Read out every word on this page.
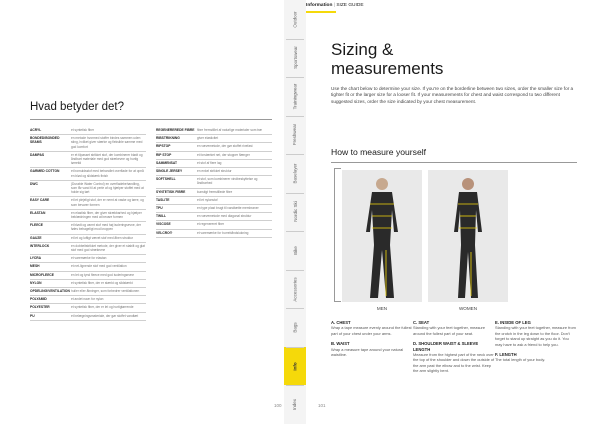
Hvad betyder det?
ACRYL	et syntetisk fiber
BONDED/BONDED SEAMS
en metode hvormed stoffer bindes sammen uden sting, hvilket giver stærke og fleksible sømme med god komfort
DAMPAS	er et tilpasset strikket stof, der kombinerer blødt og åndbart materiale med god strækevne og hurtig tørretid
GARMED COTTON	et bomuldsstof med behandlet overflade for at opnå en blød og slidstærk finish
DWC	(Durable Water Control) en overfladebehandling, som får vand til at perle af og hjælper stoffet med at holde sig tørt
EASY CARE	et let plejeligt stof, der er nemt at vaske og tørre, og som bevarer formen
ELASTAN	en elastisk fiber, der giver strækbarhed og hjælper beklædningen med at bevare formen
FLEECE	et blødt og varmt stof med høj isoleringsevne, der føles behageligt mod kroppen
GAUZE	et let og luftigt vævet stof med åben struktur
INTERLOCK	en dobbeltstrikket metode, der giver et stabilt og glat stof med god strækevne
LYCRA	et varemærke for elastan
MESH	et net-lignende stof med god ventilation
MICROFLEECE	en let og tynd fleece med god isoleringsevne
NYLON	et syntetisk fiber, der er stærkt og slidstærkt
OPDELING/VENTILATION huller eller åbninger, som forbedrer ventilationen
POLYAMID	et andet navn for nylon
POLYESTER	et syntetisk fiber, der er let og hurtigtørrende
PU	et belægningsmateriale, der gør stoffet vandtæt
REGENEREREDE FIBRE fibre fremstillet af naturlige materialer som træ
RIBSTRIKNING	giver elasticitet
RIPSTOP	en vævemetode, der gør stoffet rivefast
RIP STOP	et forstærket net, der stopper flænger
SAMMENSAT	et stof af flere lag
SINGLE JERSEY	en enkel strikket struktur
SOFTSHELL	et stof, som kombinerer vindbeskyttelse og åndbarhed
SYNTETISK FIBRE	kunstigt fremstillede fibre
TASLITE	et let nylonstof
TPU	en type plast brugt til vandtætte membraner
TWILL	en vævemetode med diagonal struktur
VISCOSE	et regenereret fiber
VELCRO®	et varemærke for burrebåndslukning
100
Outdoor
Sportswear
Trainingwear
Freshwear
Baselayer
Nordic Ski
Bike
Accessories
Bags
Info
Index
Information | SIZE GUIDE
Sizing &
measurements
Use the chart below to determine your size. If you're on the borderline between two sizes, order the smaller size for a tighter fit or the larger size for a looser fit. If your measurements for chest and waist correspond to two different suggested sizes, order the size indicated by your chest measurement.
How to measure yourself
MEN	WOMEN
A. CHEST
Wrap a tape measure evenly around the fullest part of your chest under your arms.
B. WAIST
Wrap a measure tape around your natural waistline.
C. SEAT
Standing with your feet together, measure around the fullest part of your seat.
D. SHOULDER WAIST & SLEEVE LENGTH
Measure from the highest part of the neck over the top of the shoulder and down the outside of the arm past the elbow and to the wrist. Keep the arm slightly bent.
E. INSIDE OF LEG
Standing with your feet together, measure from the crotch in the leg down to the floor. Don't forget to stand up straight as you do it. You may have to ask a friend to help you.
F. LENGTH
The total length of your body.
101
